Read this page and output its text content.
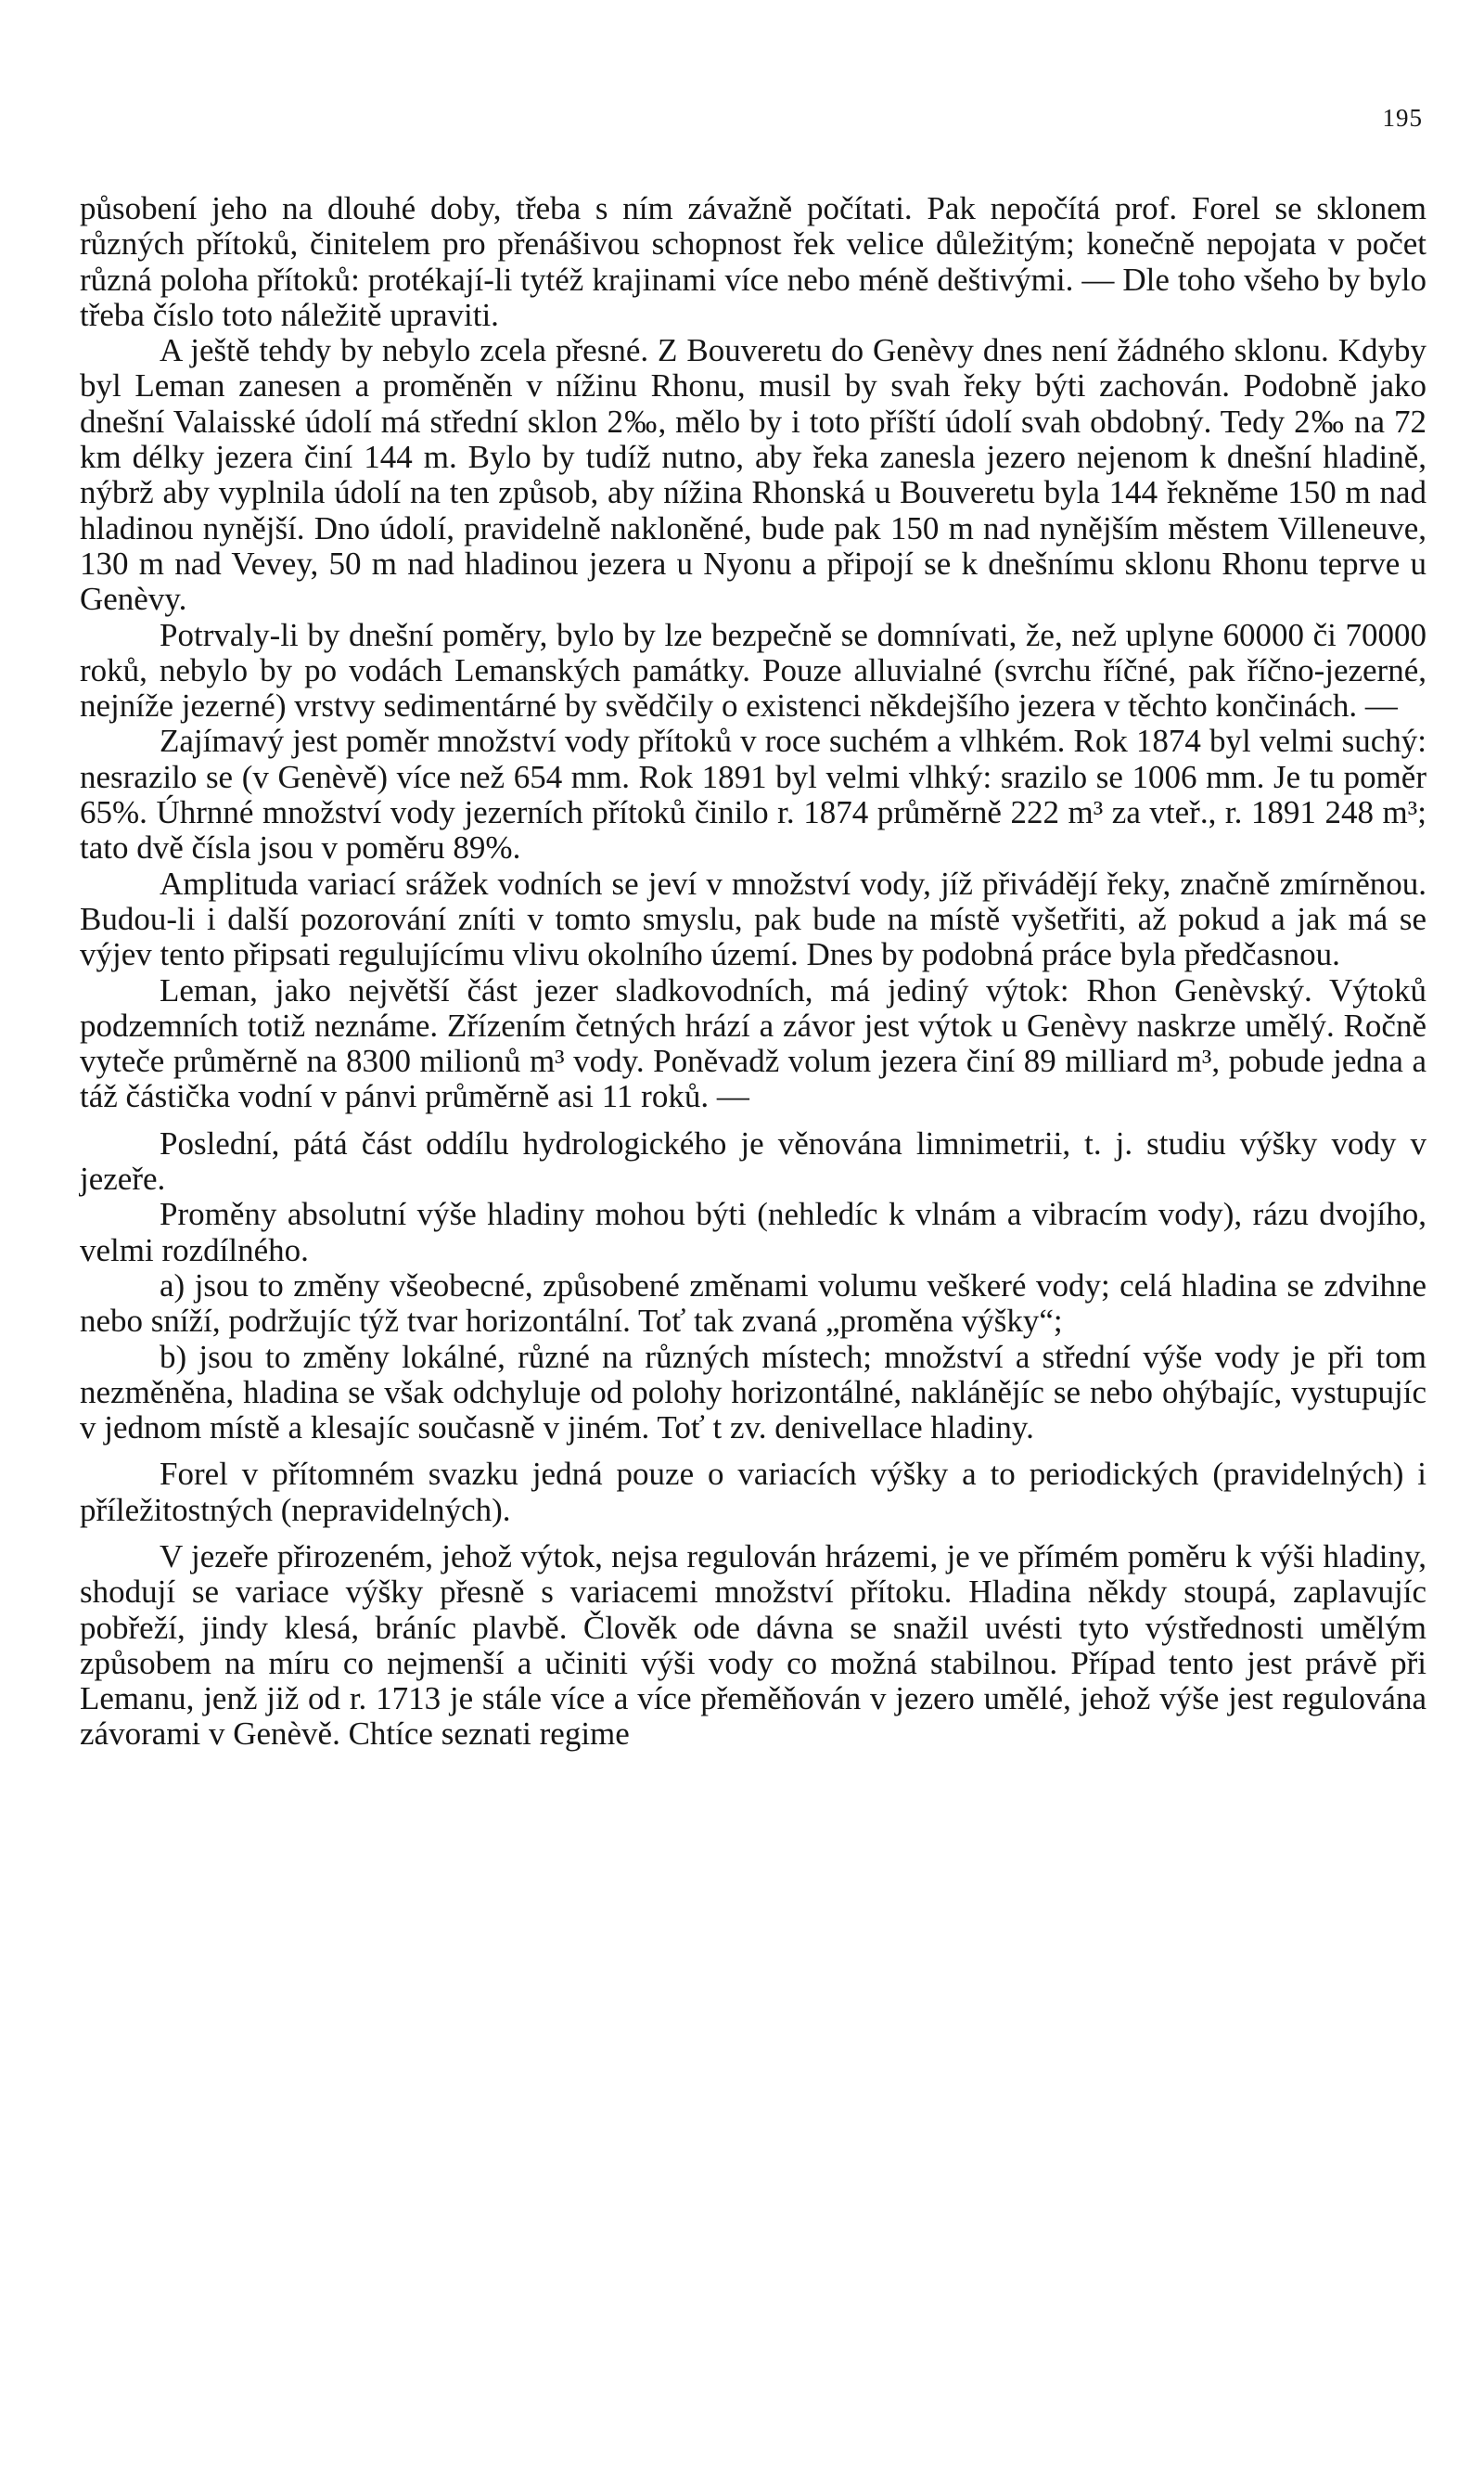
195

působení jeho na dlouhé doby, třeba s ním závažně počítati. Pak nepočítá prof. Forel se sklonem různých přítoků, činitelem pro přenášivou schopnost řek velice důležitým; konečně nepojata v počet různá poloha přítoků: protékají-li tytéž krajinami více nebo méně deštivými. — Dle toho všeho by bylo třeba číslo toto náležitě upraviti.

A ještě tehdy by nebylo zcela přesné. Z Bouveretu do Genèvy dnes není žádného sklonu. Kdyby byl Leman zanesen a proměněn v nížinu Rhonu, musil by svah řeky býti zachován. Podobně jako dnešní Valaisské údolí má střední sklon 2‰, mělo by i toto příští údolí svah obdobný. Tedy 2‰ na 72 km délky jezera činí 144 m. Bylo by tudíž nutno, aby řeka zanesla jezero nejenom k dnešní hladině, nýbrž aby vyplnila údolí na ten způsob, aby nížina Rhonská u Bouveretu byla 144 řekněme 150 m nad hladinou nynější. Dno údolí, pravidelně nakloněné, bude pak 150 m nad nynějším městem Villeneuve, 130 m nad Vevey, 50 m nad hladinou jezera u Nyonu a připojí se k dnešnímu sklonu Rhonu teprve u Genèvy.

Potrvaly-li by dnešní poměry, bylo by lze bezpečně se domnívati, že, než uplyne 60000 či 70000 roků, nebylo by po vodách Lemanských památky. Pouze alluvialné (svrchu říčné, pak říčno-jezerné, nejníže jezerné) vrstvy sedimentárné by svědčily o existenci někdejšího jezera v těchto končinách. —

Zajímavý jest poměr množství vody přítoků v roce suchém a vlhkém. Rok 1874 byl velmi suchý: nesrazilo se (v Genèvě) více než 654 mm. Rok 1891 byl velmi vlhký: srazilo se 1006 mm. Je tu poměr 65%. Úhrnné množství vody jezerních přítoků činilo r. 1874 průměrně 222 m³ za vteř., r. 1891 248 m³; tato dvě čísla jsou v poměru 89%.

Amplituda variací srážek vodních se jeví v množství vody, jíž přivádějí řeky, značně zmírněnou. Budou-li i další pozorování zníti v tomto smyslu, pak bude na místě vyšetřiti, až pokud a jak má se výjev tento připsati regulujícímu vlivu okolního území. Dnes by podobná práce byla předčasnou.

Leman, jako největší část jezer sladkovodních, má jediný výtok: Rhon Genèvský. Výtoků podzemních totiž neznáme. Zřízením četných hrází a závor jest výtok u Genèvy naskrze umělý. Ročně vyteče průměrně na 8300 milionů m³ vody. Poněvadž volum jezera činí 89 milliard m³, pobude jedna a táž částička vodní v pánvi průměrně asi 11 roků. —

Poslední, pátá část oddílu hydrologického je věnována limnimetrii, t. j. studiu výšky vody v jezeře.

Proměny absolutní výše hladiny mohou býti (nehledíc k vlnám a vibracím vody), rázu dvojího, velmi rozdílného.

a) jsou to změny všeobecné, způsobené změnami volumu veškeré vody; celá hladina se zdvihne nebo sníží, podržujíc týž tvar horizontální. Toť tak zvaná „proměna výšky“;

b) jsou to změny lokálné, různé na různých místech; množství a střední výše vody je při tom nezměněna, hladina se však odchyluje od polohy horizontálné, naklánějíc se nebo ohýbajíc, vystupujíc v jednom místě a klesajíc současně v jiném. Toť t zv. denivellace hladiny.

Forel v přítomném svazku jedná pouze o variacích výšky a to periodických (pravidelných) i příležitostných (nepravidelných).

V jezeře přirozeném, jehož výtok, nejsa regulován hrázemi, je ve přímém poměru k výši hladiny, shodují se variace výšky přesně s variacemi množství přítoku. Hladina někdy stoupá, zaplavujíc pobřeží, jindy klesá, bráníc plavbě. Člověk ode dávna se snažil uvésti tyto výstřednosti umělým způsobem na míru co nejmenší a učiniti výši vody co možná stabilnou. Případ tento jest právě při Lemanu, jenž již od r. 1713 je stále více a více přeměňován v jezero umělé, jehož výše jest regulována závorami v Genèvě. Chtíce seznati regime
